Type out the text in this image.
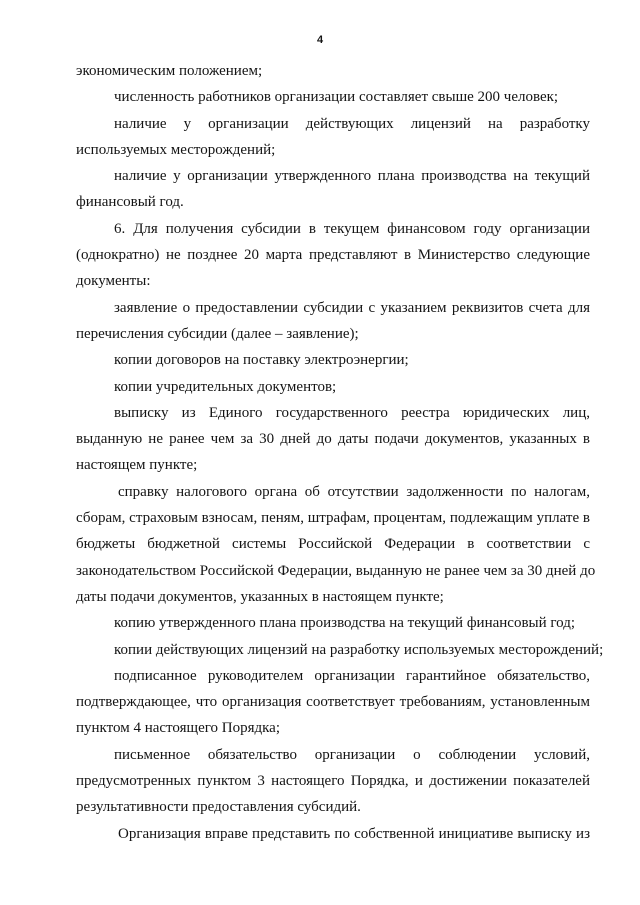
4
экономическим положением;
численность работников организации составляет свыше 200 человек;
наличие у организации действующих лицензий на разработку
используемых месторождений;
наличие у организации утвержденного плана производства на текущий
финансовый год.
6. Для получения субсидии в текущем финансовом году организации
(однократно) не позднее 20 марта представляют в Министерство следующие
документы:
заявление о предоставлении субсидии с указанием реквизитов счета для
перечисления субсидии (далее – заявление);
копии договоров на поставку электроэнергии;
копии учредительных документов;
выписку из Единого государственного реестра юридических лиц,
выданную не ранее чем за 30 дней до даты подачи документов, указанных в
настоящем пункте;
справку налогового органа об отсутствии задолженности по налогам,
сборам, страховым взносам, пеням, штрафам, процентам, подлежащим уплате в
бюджеты бюджетной системы Российской Федерации в соответствии с
законодательством Российской Федерации, выданную не ранее чем за 30 дней до
даты подачи документов, указанных в настоящем пункте;
копию утвержденного плана производства на текущий финансовый год;
копии действующих лицензий на разработку используемых месторождений;
подписанное руководителем организации гарантийное обязательство,
подтверждающее, что организация соответствует требованиям, установленным
пунктом 4 настоящего Порядка;
письменное обязательство организации о соблюдении условий,
предусмотренных пунктом 3 настоящего Порядка, и достижении показателей
результативности предоставления субсидий.
Организация вправе представить по собственной инициативе выписку из
